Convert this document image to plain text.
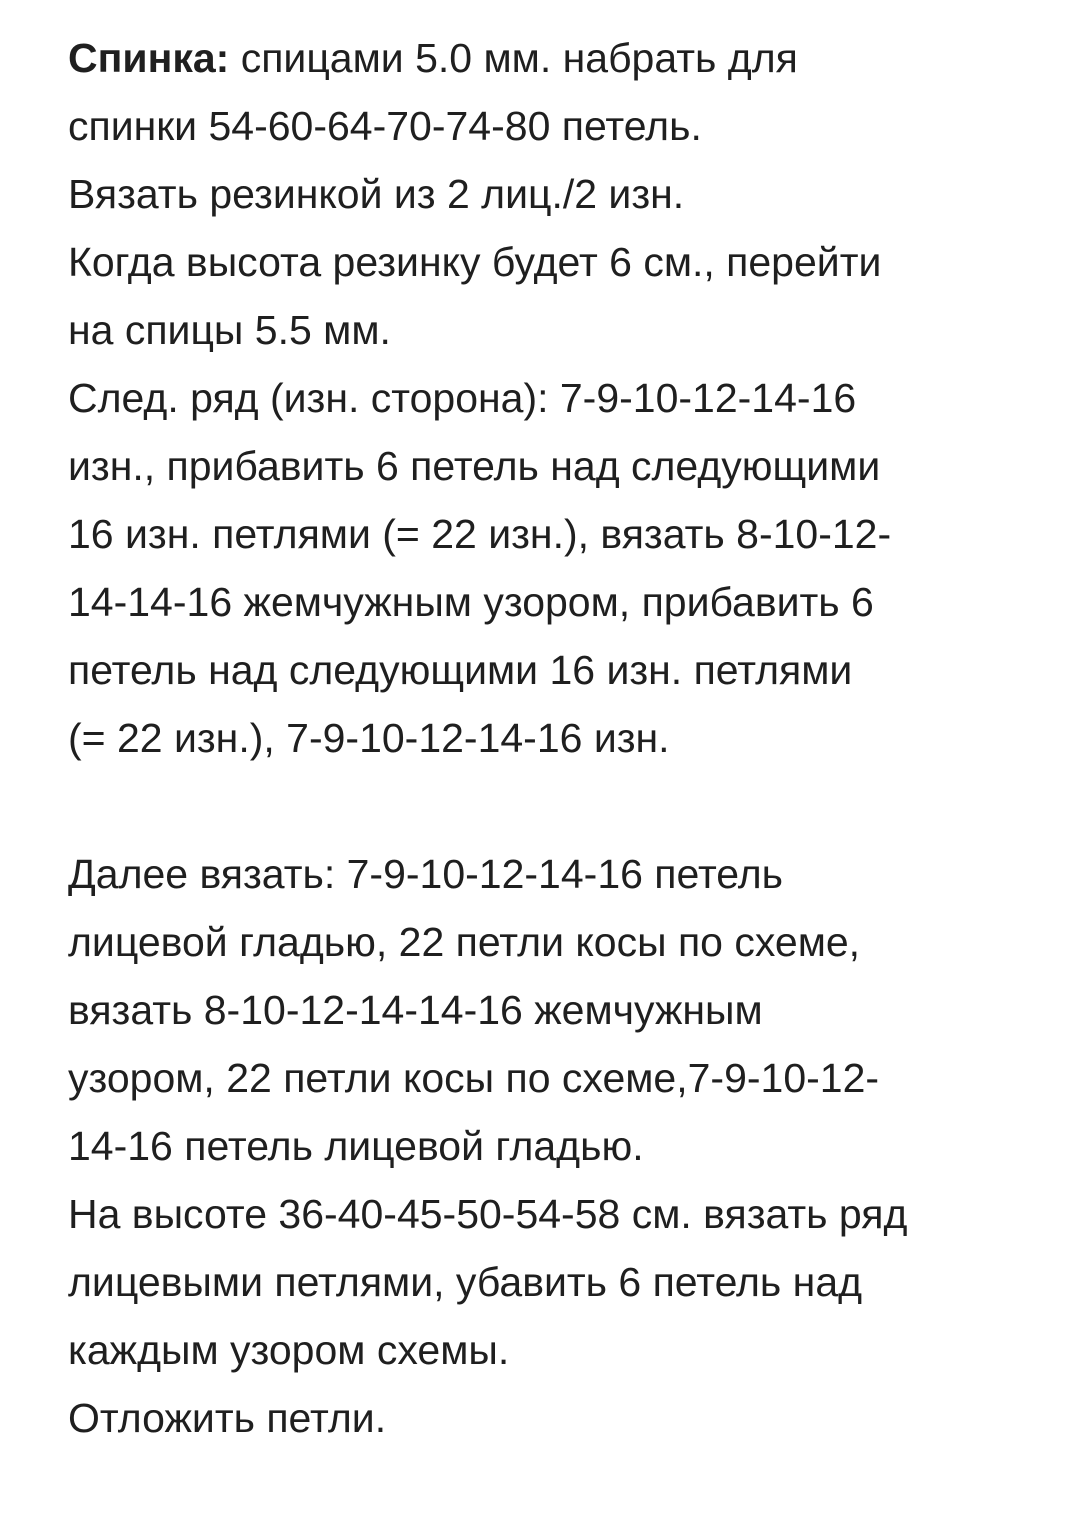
Спинка: спицами 5.0 мм. набрать для
спинки 54-60-64-70-74-80 петель.
Вязать резинкой из 2 лиц./2 изн.
Когда высота резинку будет 6 см., перейти
на спицы 5.5 мм.
След. ряд (изн. сторона): 7-9-10-12-14-16
изн., прибавить 6 петель над следующими
16 изн. петлями (= 22 изн.), вязать 8-10-12-
14-14-16 жемчужным узором, прибавить 6
петель над следующими 16 изн. петлями
(= 22 изн.), 7-9-10-12-14-16 изн.
Далее вязать: 7-9-10-12-14-16 петель
лицевой гладью, 22 петли косы по схеме,
вязать 8-10-12-14-14-16 жемчужным
узором, 22 петли косы по схеме,7-9-10-12-
14-16 петель лицевой гладью.
На высоте 36-40-45-50-54-58 см. вязать ряд
лицевыми петлями, убавить 6 петель над
каждым узором схемы.
Отложить петли.
